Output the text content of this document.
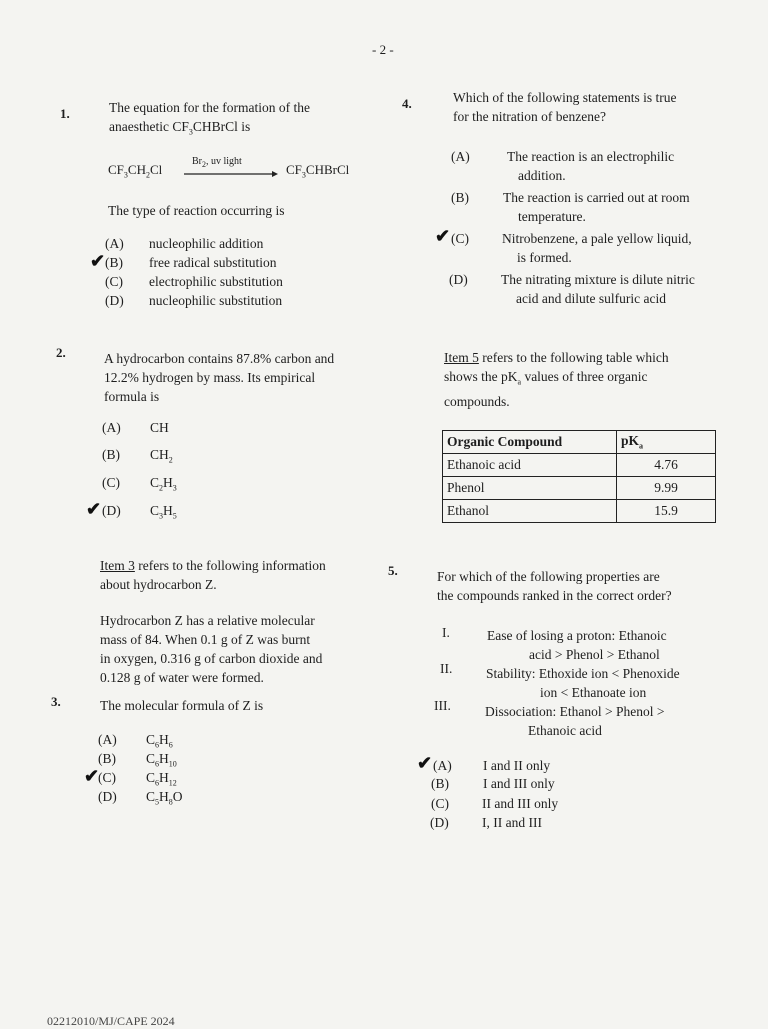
- 2 -
1.	The equation for the formation of the
anaesthetic $CF_3CHBrCl$ is
$CF_3CH_2Cl$
$Br_2$, uv light
$CF_3CHBrCl$
The type of reaction occurring is
(A) nucleophilic addition
(B) free radical substitution
(C) electrophilic substitution
(D) nucleophilic substitution
✔
2.	A hydrocarbon contains 87.8% carbon and
12.2% hydrogen by mass. Its empirical
formula is
(A) CH
(B) $CH_2$
(C) $C_2H_3$
(D) $C_3H_5$
✔
Item 3 refers to the following information
about hydrocarbon Z.
Hydrocarbon Z has a relative molecular
mass of 84. When 0.1 g of Z was burnt
in oxygen, 0.316 g of carbon dioxide and
0.128 g of water were formed.
3.	The molecular formula of Z is
(A) $C_6H_6$
(B) $C_6H_{10}$
(C) $C_6H_{12}$
(D) $C_5H_8O$
✔
4.	Which of the following statements is true
for the nitration of benzene?
(A)	The reaction is an electrophilic
addition.
(B)	The reaction is carried out at room
temperature.
(C)	Nitrobenzene, a pale yellow liquid,
is formed.
(D)	The nitrating mixture is dilute nitric
acid and dilute sulfuric acid
✔
Item 5 refers to the following table which
shows the $pK_a$ values of three organic
compounds.
Organic Compound	$pK_a$
Ethanoic acid	4.76
Phenol	9.99
Ethanol	15.9
5.	For which of the following properties are
the compounds ranked in the correct order?
I.	Ease of losing a proton: Ethanoic
acid > Phenol > Ethanol
II. Stability: Ethoxide ion < Phenoxide
ion < Ethanoate ion
III.	Dissociation: Ethanol > Phenol >
Ethanoic acid
(A) I and II only
(B)	I and III only
(C) II and III only
(D) I, II and III
✔
02212010/MJ/CAPE 2024
